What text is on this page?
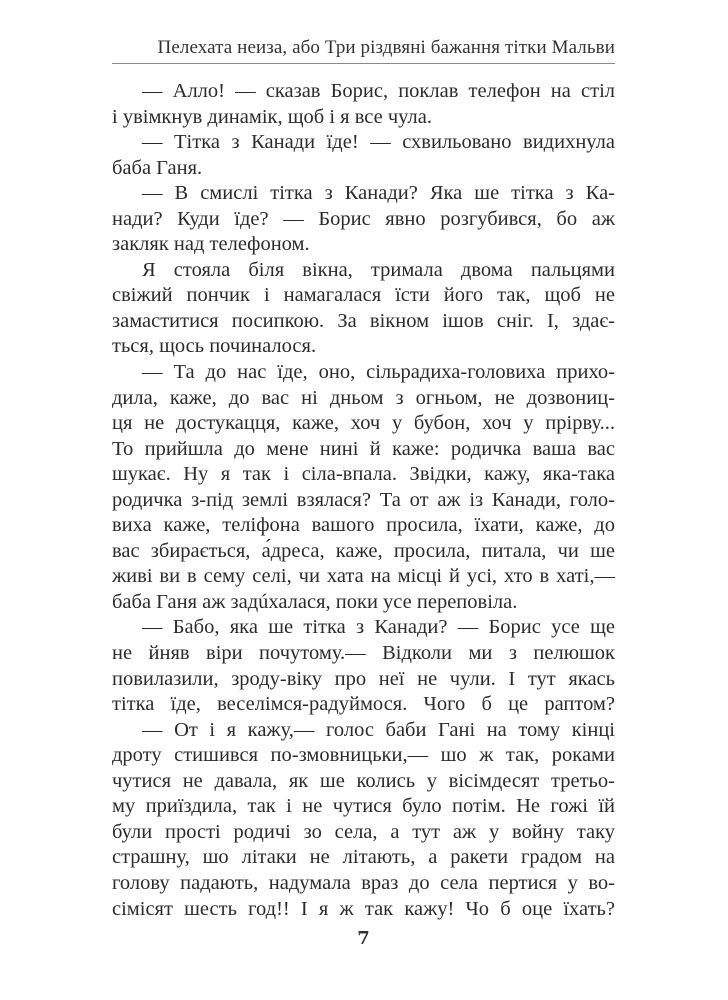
Пелехата неиза, або Три різдвяні бажання тітки Мальви
— Алло! — сказав Борис, поклав телефон на стіл
і увімкнув динамік, щоб і я все чула.
— Тітка з Канади їде! — схвильовано видихнула
баба Ганя.
— В смислі тітка з Канади? Яка ше тітка з Ка-
нади? Куди їде? — Борис явно розгубився, бо аж
закляк над телефоном.
Я стояла біля вікна, тримала двома пальцями
свіжий пончик і намагалася їсти його так, щоб не
замаститися посипкою. За вікном ішов сніг. І, здає-
ться, щось починалося.
— Та до нас їде, оно, сільрадиха-головиха прихо-
дила, каже, до вас ні дньом з огньом, не дозвониц-
ця не достукацця, каже, хоч у бубон, хоч у прірву...
То прийшла до мене нині й каже: родичка ваша вас
шукає. Ну я так і сіла-впала. Звідки, кажу, яка-така
родичка з-під землі взялася? Та от аж із Канади, голо-
виха каже, теліфона вашого просила, їхати, каже, до
вас збирається, а́дреса, каже, просила, питала, чи ше
живі ви в сему селі, чи хата на місці й усі, хто в хаті,—
баба Ганя аж задúхалася, поки усе переповіла.
— Бабо, яка ше тітка з Канади? — Борис усе ще
не йняв віри почутому.— Відколи ми з пелюшок
повилазили, зроду-віку про неї не чули. І тут якась
тітка їде, веселімся-радуймося. Чого б це раптом?
— От і я кажу,— голос баби Гані на тому кінці
дроту стишився по-змовницьки,— шо ж так, роками
чутися не давала, як ше колись у вісімдесят третьо-
му приїздила, так і не чутися було потім. Не гожі їй
були прості родичі зо села, а тут аж у войну таку
страшну, шо літаки не літають, а ракети градом на
голову падають, надумала враз до села пертися у во-
сімісят шесть год!! І я ж так кажу! Чо б оце їхать?
7
